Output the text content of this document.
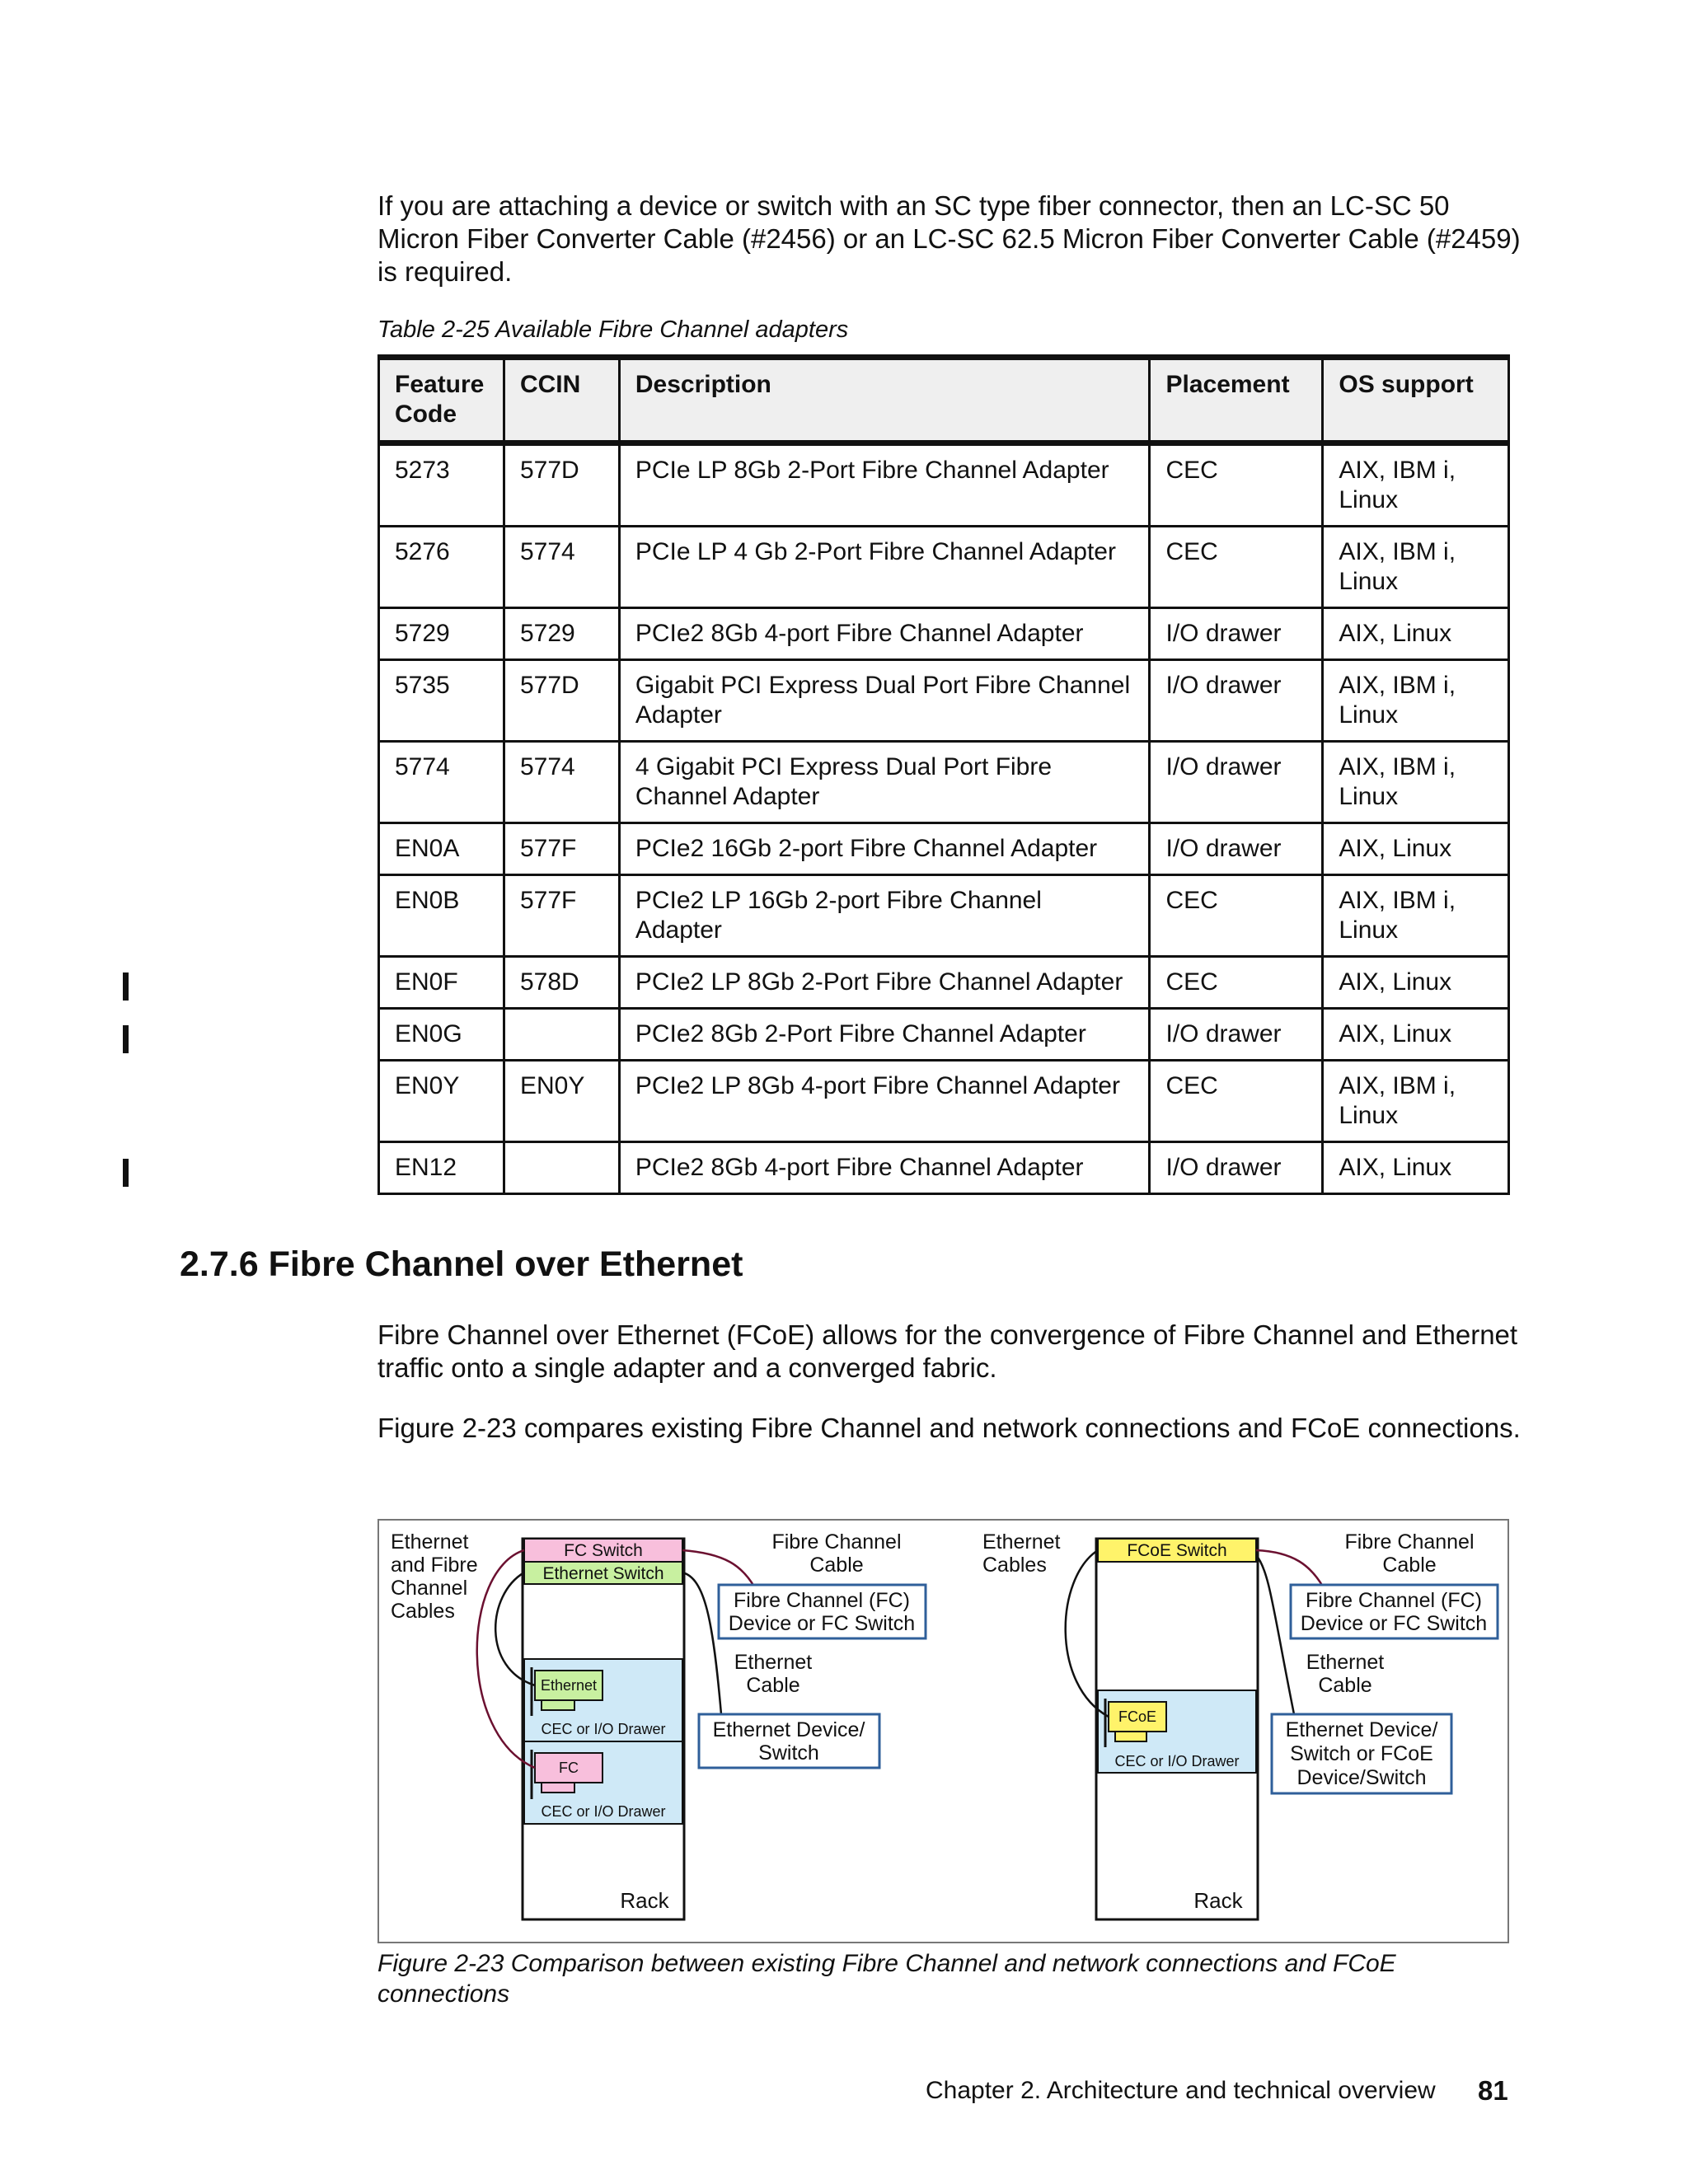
If you are attaching a device or switch with an SC type fiber connector, then an LC-SC 50 Micron Fiber Converter Cable (#2456) or an LC-SC 62.5 Micron Fiber Converter Cable (#2459) is required.

Table 2-25 Available Fibre Channel adapters

Feature Code	CCIN	Description	Placement	OS support
5273	577D	PCIe LP 8Gb 2-Port Fibre Channel Adapter	CEC	AIX, IBM i, Linux
5276	5774	PCIe LP 4 Gb 2-Port Fibre Channel Adapter	CEC	AIX, IBM i, Linux
5729	5729	PCIe2 8Gb 4-port Fibre Channel Adapter	I/O drawer	AIX, Linux
5735	577D	Gigabit PCI Express Dual Port Fibre Channel Adapter	I/O drawer	AIX, IBM i, Linux
5774	5774	4 Gigabit PCI Express Dual Port Fibre Channel Adapter	I/O drawer	AIX, IBM i, Linux
EN0A	577F	PCIe2 16Gb 2-port Fibre Channel Adapter	I/O drawer	AIX, Linux
EN0B	577F	PCIe2 LP 16Gb 2-port Fibre Channel Adapter	CEC	AIX, IBM i, Linux
EN0F	578D	PCIe2 LP 8Gb 2-Port Fibre Channel Adapter	CEC	AIX, Linux
EN0G		PCIe2 8Gb 2-Port Fibre Channel Adapter	I/O drawer	AIX, Linux
EN0Y	EN0Y	PCIe2 LP 8Gb 4-port Fibre Channel Adapter	CEC	AIX, IBM i, Linux
EN12		PCIe2 8Gb 4-port Fibre Channel Adapter	I/O drawer	AIX, Linux
2.7.6 Fibre Channel over Ethernet

Fibre Channel over Ethernet (FCoE) allows for the convergence of Fibre Channel and Ethernet traffic onto a single adapter and a converged fabric.

Figure 2-23 compares existing Fibre Channel and network connections and FCoE connections.

FC Switch
Ethernet Switch
Ethernet
CEC or I/O Drawer
FC
CEC or I/O Drawer
Rack
Ethernet
and Fibre
Channel
Cables
Fibre Channel
Cable
Ethernet
Cable
Fibre Channel (FC)
Device or FC Switch
Ethernet Device/
Switch
FCoE Switch
FCoE
CEC or I/O Drawer
Rack
Ethernet
Cables
Fibre Channel
Cable
Ethernet
Cable
Fibre Channel (FC)
Device or FC Switch
Ethernet Device/
Switch or FCoE
Device/Switch

Figure 2-23 Comparison between existing Fibre Channel and network connections and FCoE connections

Chapter 2. Architecture and technical overview 81
